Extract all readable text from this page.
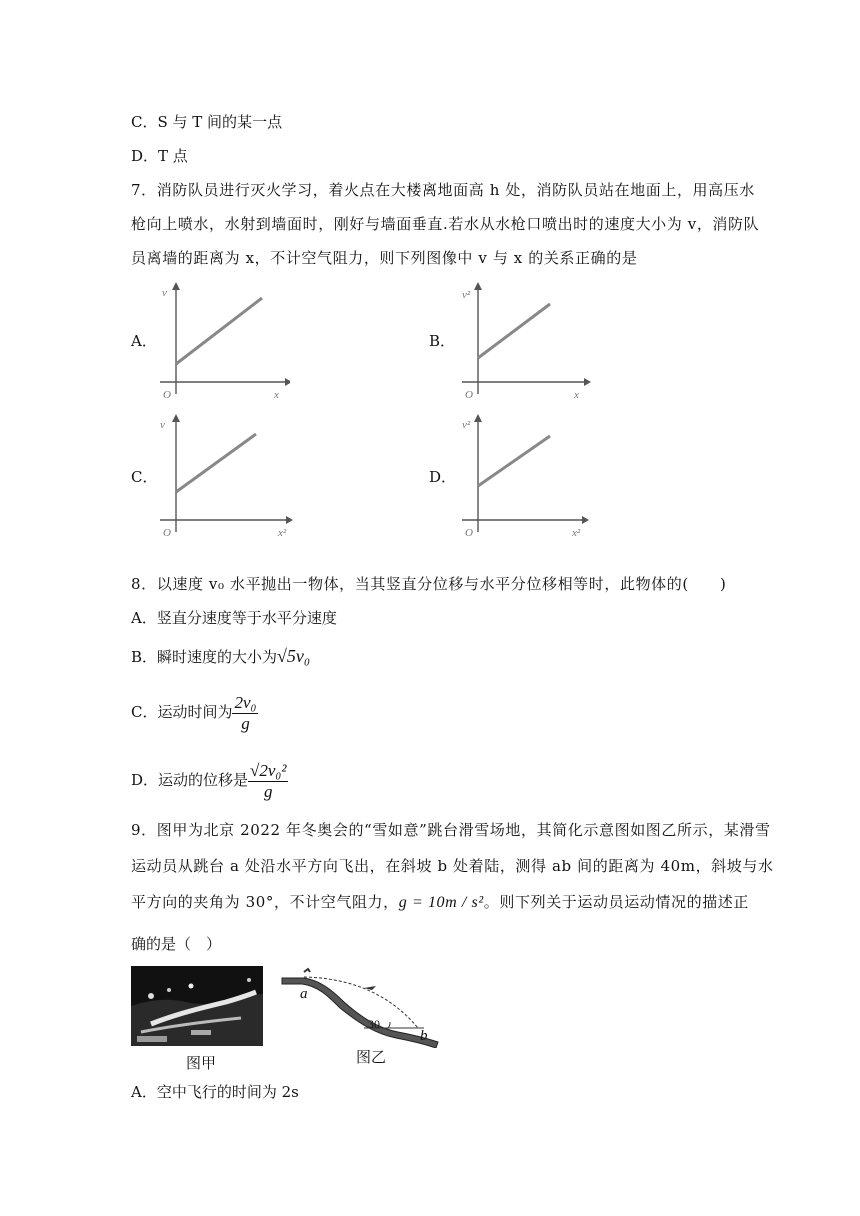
C．S 与 T 间的某一点
D．T 点
7．消防队员进行灭火学习，着火点在大楼离地面高 h 处，消防队员站在地面上，用高压水
枪向上喷水，水射到墙面时，刚好与墙面垂直.若水从水枪口喷出时的速度大小为 v，消防队
员离墙的距离为 x，不计空气阻力，则下列图像中 v 与 x 的关系正确的是
A．
v
x
O
B．
v²
x
O
C．
v
x²
O
D．
v²
x²
O
8．以速度 v₀ 水平抛出一物体，当其竖直分位移与水平分位移相等时，此物体的(　　)
A．竖直分速度等于水平分速度
B．瞬时速度的大小为√5v₀
C．运动时间为 $\frac{\text{2v₀}}{g}$
D．运动的位移是 $\frac{\text{√2v₀²}}{g}$
9．图甲为北京 2022 年冬奥会的“雪如意”跳台滑雪场地，其简化示意图如图乙所示，某滑雪
运动员从跳台 a 处沿水平方向飞出，在斜坡 b 处着陆，测得 ab 间的距离为 40m，斜坡与水
平方向的夹角为 30°，不计空气阻力，g = 10m / s²。则下列关于运动员运动情况的描述正
确的是（　）
图甲
a
30
b
图乙
A．空中飞行的时间为 2s
